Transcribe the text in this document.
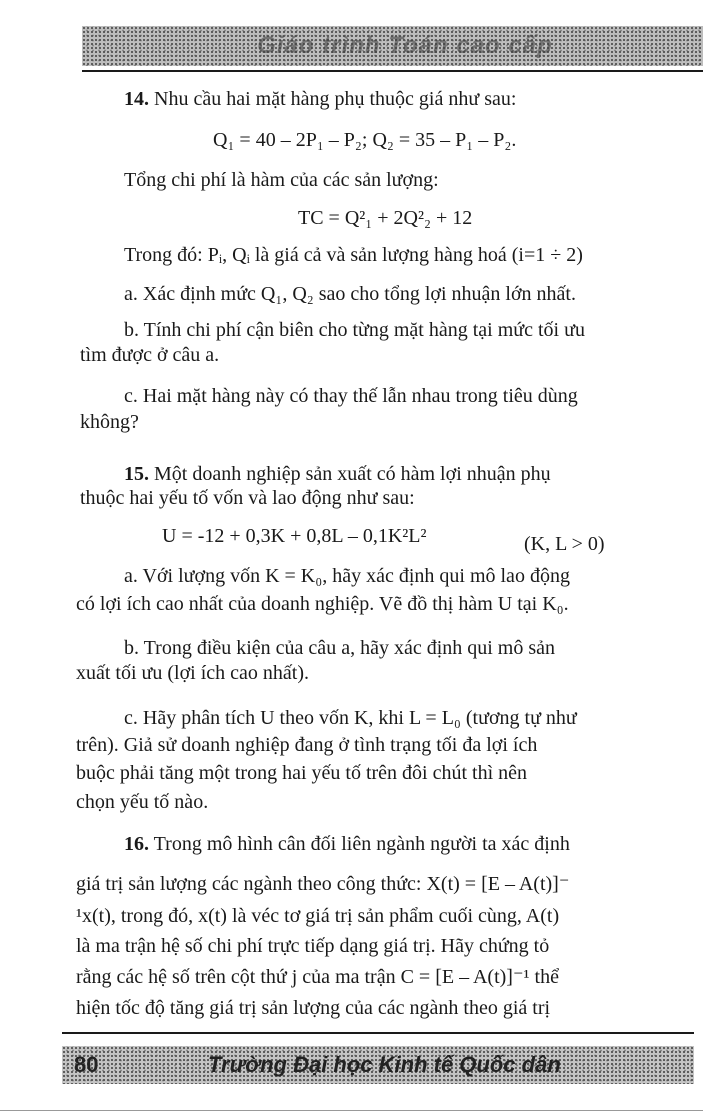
Giáo trình Toán cao cấp
14. Nhu cầu hai mặt hàng phụ thuộc giá như sau:
Q₁ = 40 – 2P₁ – P₂; Q₂ = 35 – P₁ – P₂.
Tổng chi phí là hàm của các sản lượng:
TC = Q²₁ + 2Q²₂ + 12
Trong đó: Pᵢ, Qᵢ là giá cả và sản lượng hàng hoá (i=1 ÷ 2)
a. Xác định mức Q₁, Q₂ sao cho tổng lợi nhuận lớn nhất.
b. Tính chi phí cận biên cho từng mặt hàng tại mức tối ưu
tìm được ở câu a.
c. Hai mặt hàng này có thay thế lẫn nhau trong tiêu dùng
không?
15. Một doanh nghiệp sản xuất có hàm lợi nhuận phụ
thuộc hai yếu tố vốn và lao động như sau:
U = -12 + 0,3K + 0,8L – 0,1K²L²	(K, L > 0)
a. Với lượng vốn K = K₀, hãy xác định qui mô lao động
có lợi ích cao nhất của doanh nghiệp. Vẽ đồ thị hàm U tại K₀.
b. Trong điều kiện của câu a, hãy xác định qui mô sản
xuất tối ưu (lợi ích cao nhất).
c. Hãy phân tích U theo vốn K, khi L = L₀ (tương tự như
trên). Giả sử doanh nghiệp đang ở tình trạng tối đa lợi ích
buộc phải tăng một trong hai yếu tố trên đôi chút thì nên
chọn yếu tố nào.
16. Trong mô hình cân đối liên ngành người ta xác định
giá trị sản lượng các ngành theo công thức: X(t) = [E – A(t)]⁻
¹x(t), trong đó, x(t) là véc tơ giá trị sản phẩm cuối cùng, A(t)
là ma trận hệ số chi phí trực tiếp dạng giá trị. Hãy chứng tỏ
rằng các hệ số trên cột thứ j của ma trận C = [E – A(t)]⁻¹ thể
hiện tốc độ tăng giá trị sản lượng của các ngành theo giá trị
80	Trường Đại học Kinh tế Quốc dân
